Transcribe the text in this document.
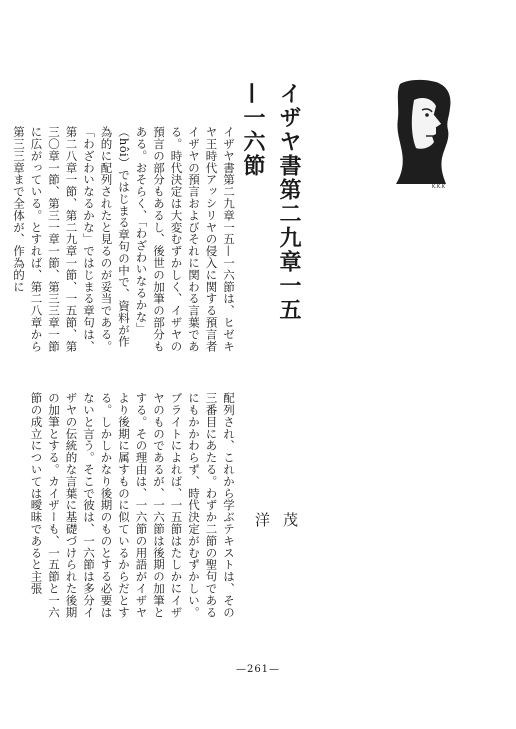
イザヤ書第二九章一五—一六節
茂
洋
K.K.K
イザヤ書第二九章一五—一六節は、ヒゼキヤ王時代アッシリヤの侵入に関する預言者イザヤの預言およびそれに関わる言葉である。時代決定は大変むずかしく、イザヤの預言の部分もあるし、後世の加筆の部分もある。おそらく、「わざわいなるかな」（hôi）ではじまる章句の中で、資料が作為的に配列されたと見るのが妥当である。「わざわいなるかな」ではじまる章句は、第二八章一節、第二九章一節、一五節、第三〇章一節、第三一章一節、第三三章一節に広がっている。とすれば、第二八章から第三三章まで全体が、作為的に
配列され、これから学ぶテキストは、その三番目にあたる。わずか二節の聖句であるにもかかわらず、時代決定がむずかしい。ブライトによれば、一五節はたしかにイザヤのものであるが、一六節は後期の加筆とする。その理由は、一六節の用語がイザヤより後期に属すものに似ているからだとする。しかしかなり後期のものとする必要はないと言う。そこで彼は、一六節は多分イザヤの伝統的な言葉に基礎づけられた後期の加筆とする。カイザーも、一五節と一六節の成立については曖昧であると主張
—261—
